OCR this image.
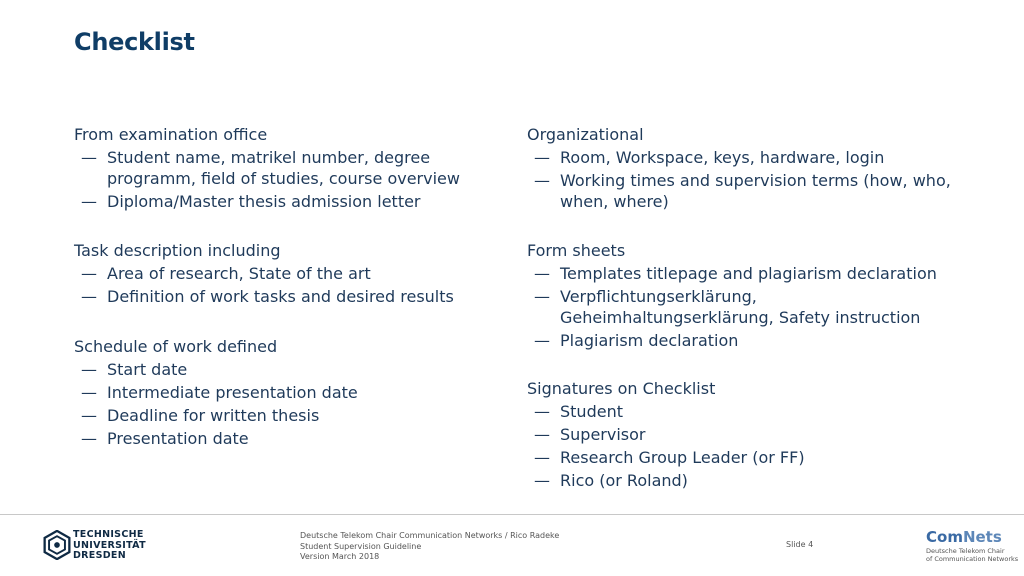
Checklist
From examination office
— Student name, matrikel number, degree
programm, field of studies, course overview
— Diploma/Master thesis admission letter
Task description including
— Area of research, State of the art
— Definition of work tasks and desired results
Schedule of work defined
— Start date
— Intermediate presentation date
— Deadline for written thesis
— Presentation date
Organizational
— Room, Workspace, keys, hardware, login
— Working times and supervision terms (how, who,
when, where)
Form sheets
— Templates titlepage and plagiarism declaration
— Verpflichtungserklärung,
Geheimhaltungserklärung, Safety instruction
— Plagiarism declaration
Signatures on Checklist
— Student
— Supervisor
— Research Group Leader (or FF)
— Rico (or Roland)
TECHNISCHE
UNIVERSITÄT
DRESDEN
Deutsche Telekom Chair Communication Networks / Rico Radeke
Student Supervision Guideline
Version March 2018
Slide 4	ComNets
Deutsche Telekom Chair
of Communication Networks
